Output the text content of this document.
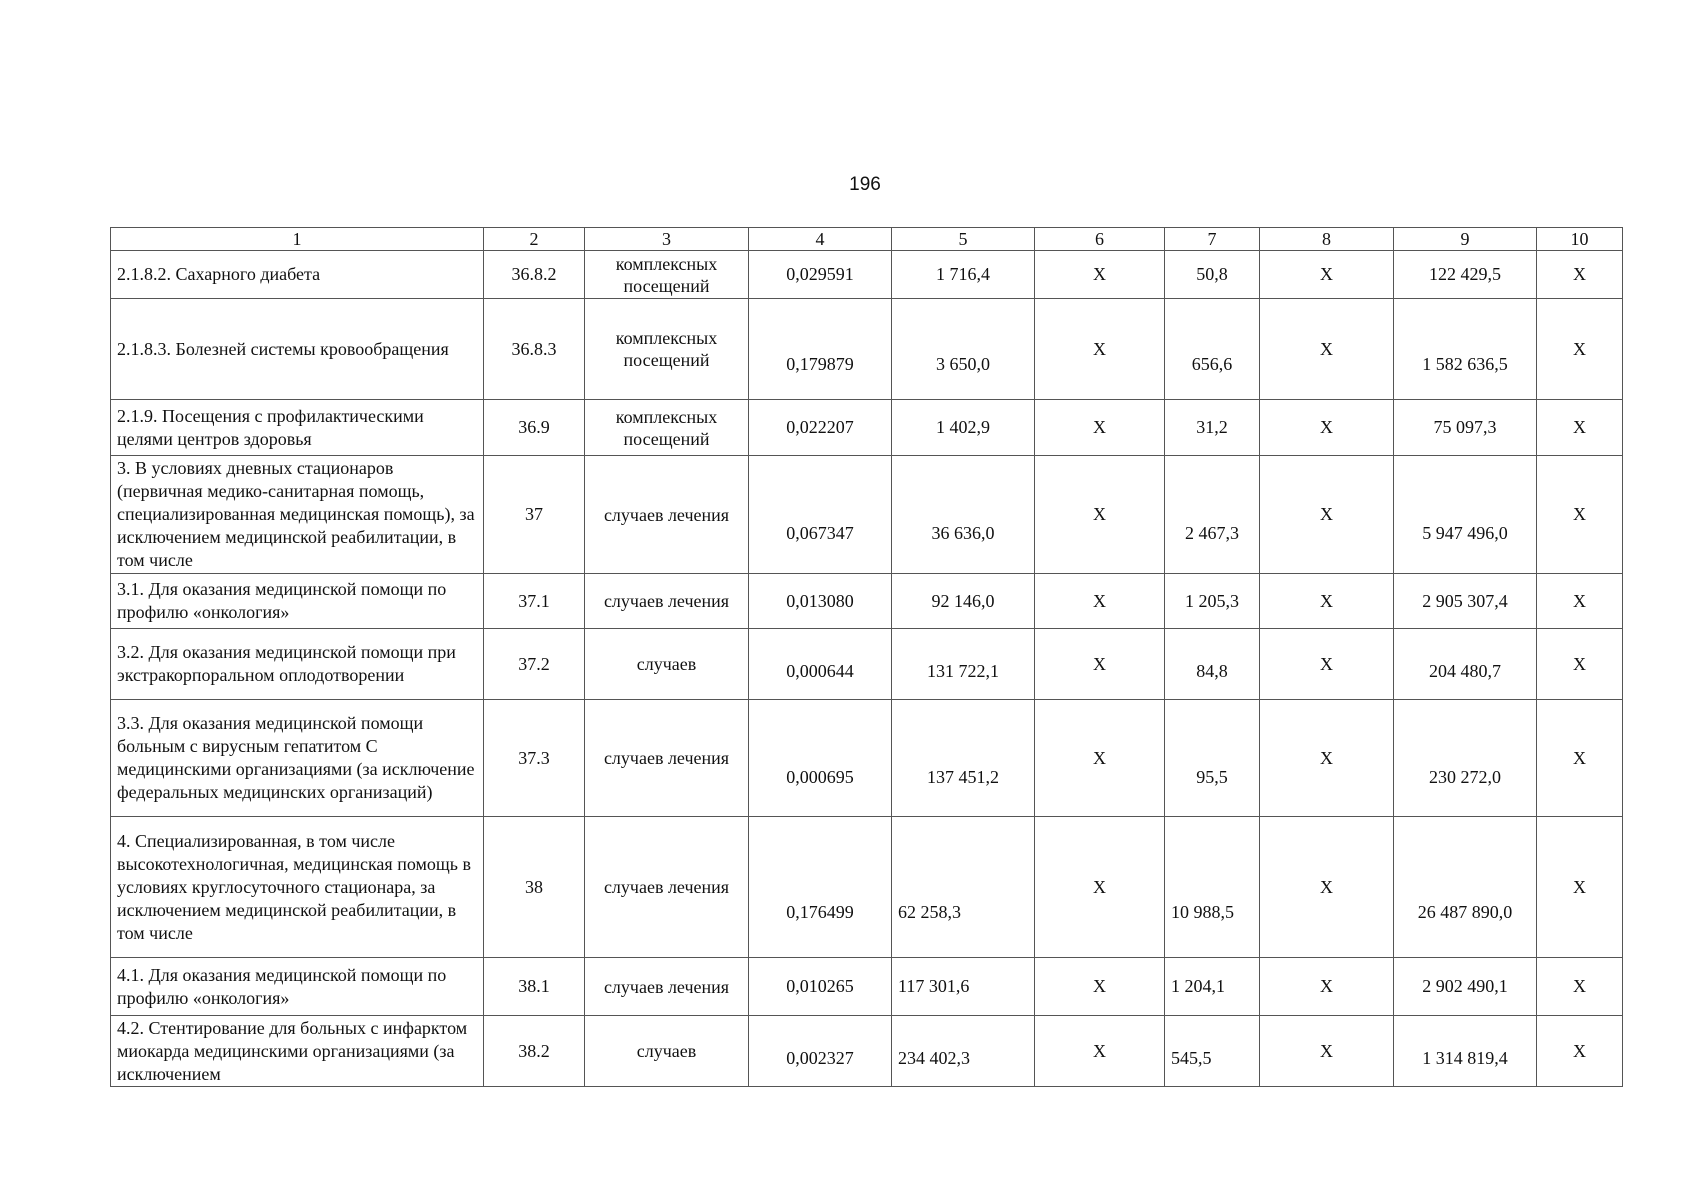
196
1	2	3	4	5	6	7	8	9	10
2.1.8.2. Сахарного диабета	36.8.2	комплексных посещений	0,029591	1 716,4	X	50,8	X	122 429,5	X
2.1.8.3. Болезней системы кровообращения	36.8.3	комплексных посещений	0,179879	3 650,0	X	656,6	X	1 582 636,5	X
2.1.9. Посещения с профилактическими целями центров здоровья	36.9	комплексных посещений	0,022207	1 402,9	X	31,2	X	75 097,3	X
3. В условиях дневных стационаров (первичная медико-санитарная помощь, специализированная медицинская помощь), за исключением медицинской реабилитации, в том числе	37	случаев лечения	0,067347	36 636,0	X	2 467,3	X	5 947 496,0	X
3.1. Для оказания медицинской помощи по профилю «онкология»	37.1	случаев лечения	0,013080	92 146,0	X	1 205,3	X	2 905 307,4	X
3.2. Для оказания медицинской помощи при экстракорпоральном оплодотворении	37.2	случаев	0,000644	131 722,1	X	84,8	X	204 480,7	X
3.3. Для оказания медицинской помощи больным с вирусным гепатитом С медицинскими организациями (за исключение федеральных медицинских организаций)	37.3	случаев лечения	0,000695	137 451,2	X	95,5	X	230 272,0	X
4. Специализированная, в том числе высокотехнологичная, медицинская помощь в условиях круглосуточного стационара, за исключением медицинской реабилитации, в том числе	38	случаев лечения	0,176499	62 258,3	X	10 988,5	X	26 487 890,0	X
4.1. Для оказания медицинской помощи по профилю «онкология»	38.1	случаев лечения	0,010265	117 301,6	X	1 204,1	X	2 902 490,1	X
4.2. Стентирование для больных с инфарктом миокарда медицинскими организациями (за исключением	38.2	случаев	0,002327	234 402,3	X	545,5	X	1 314 819,4	X
